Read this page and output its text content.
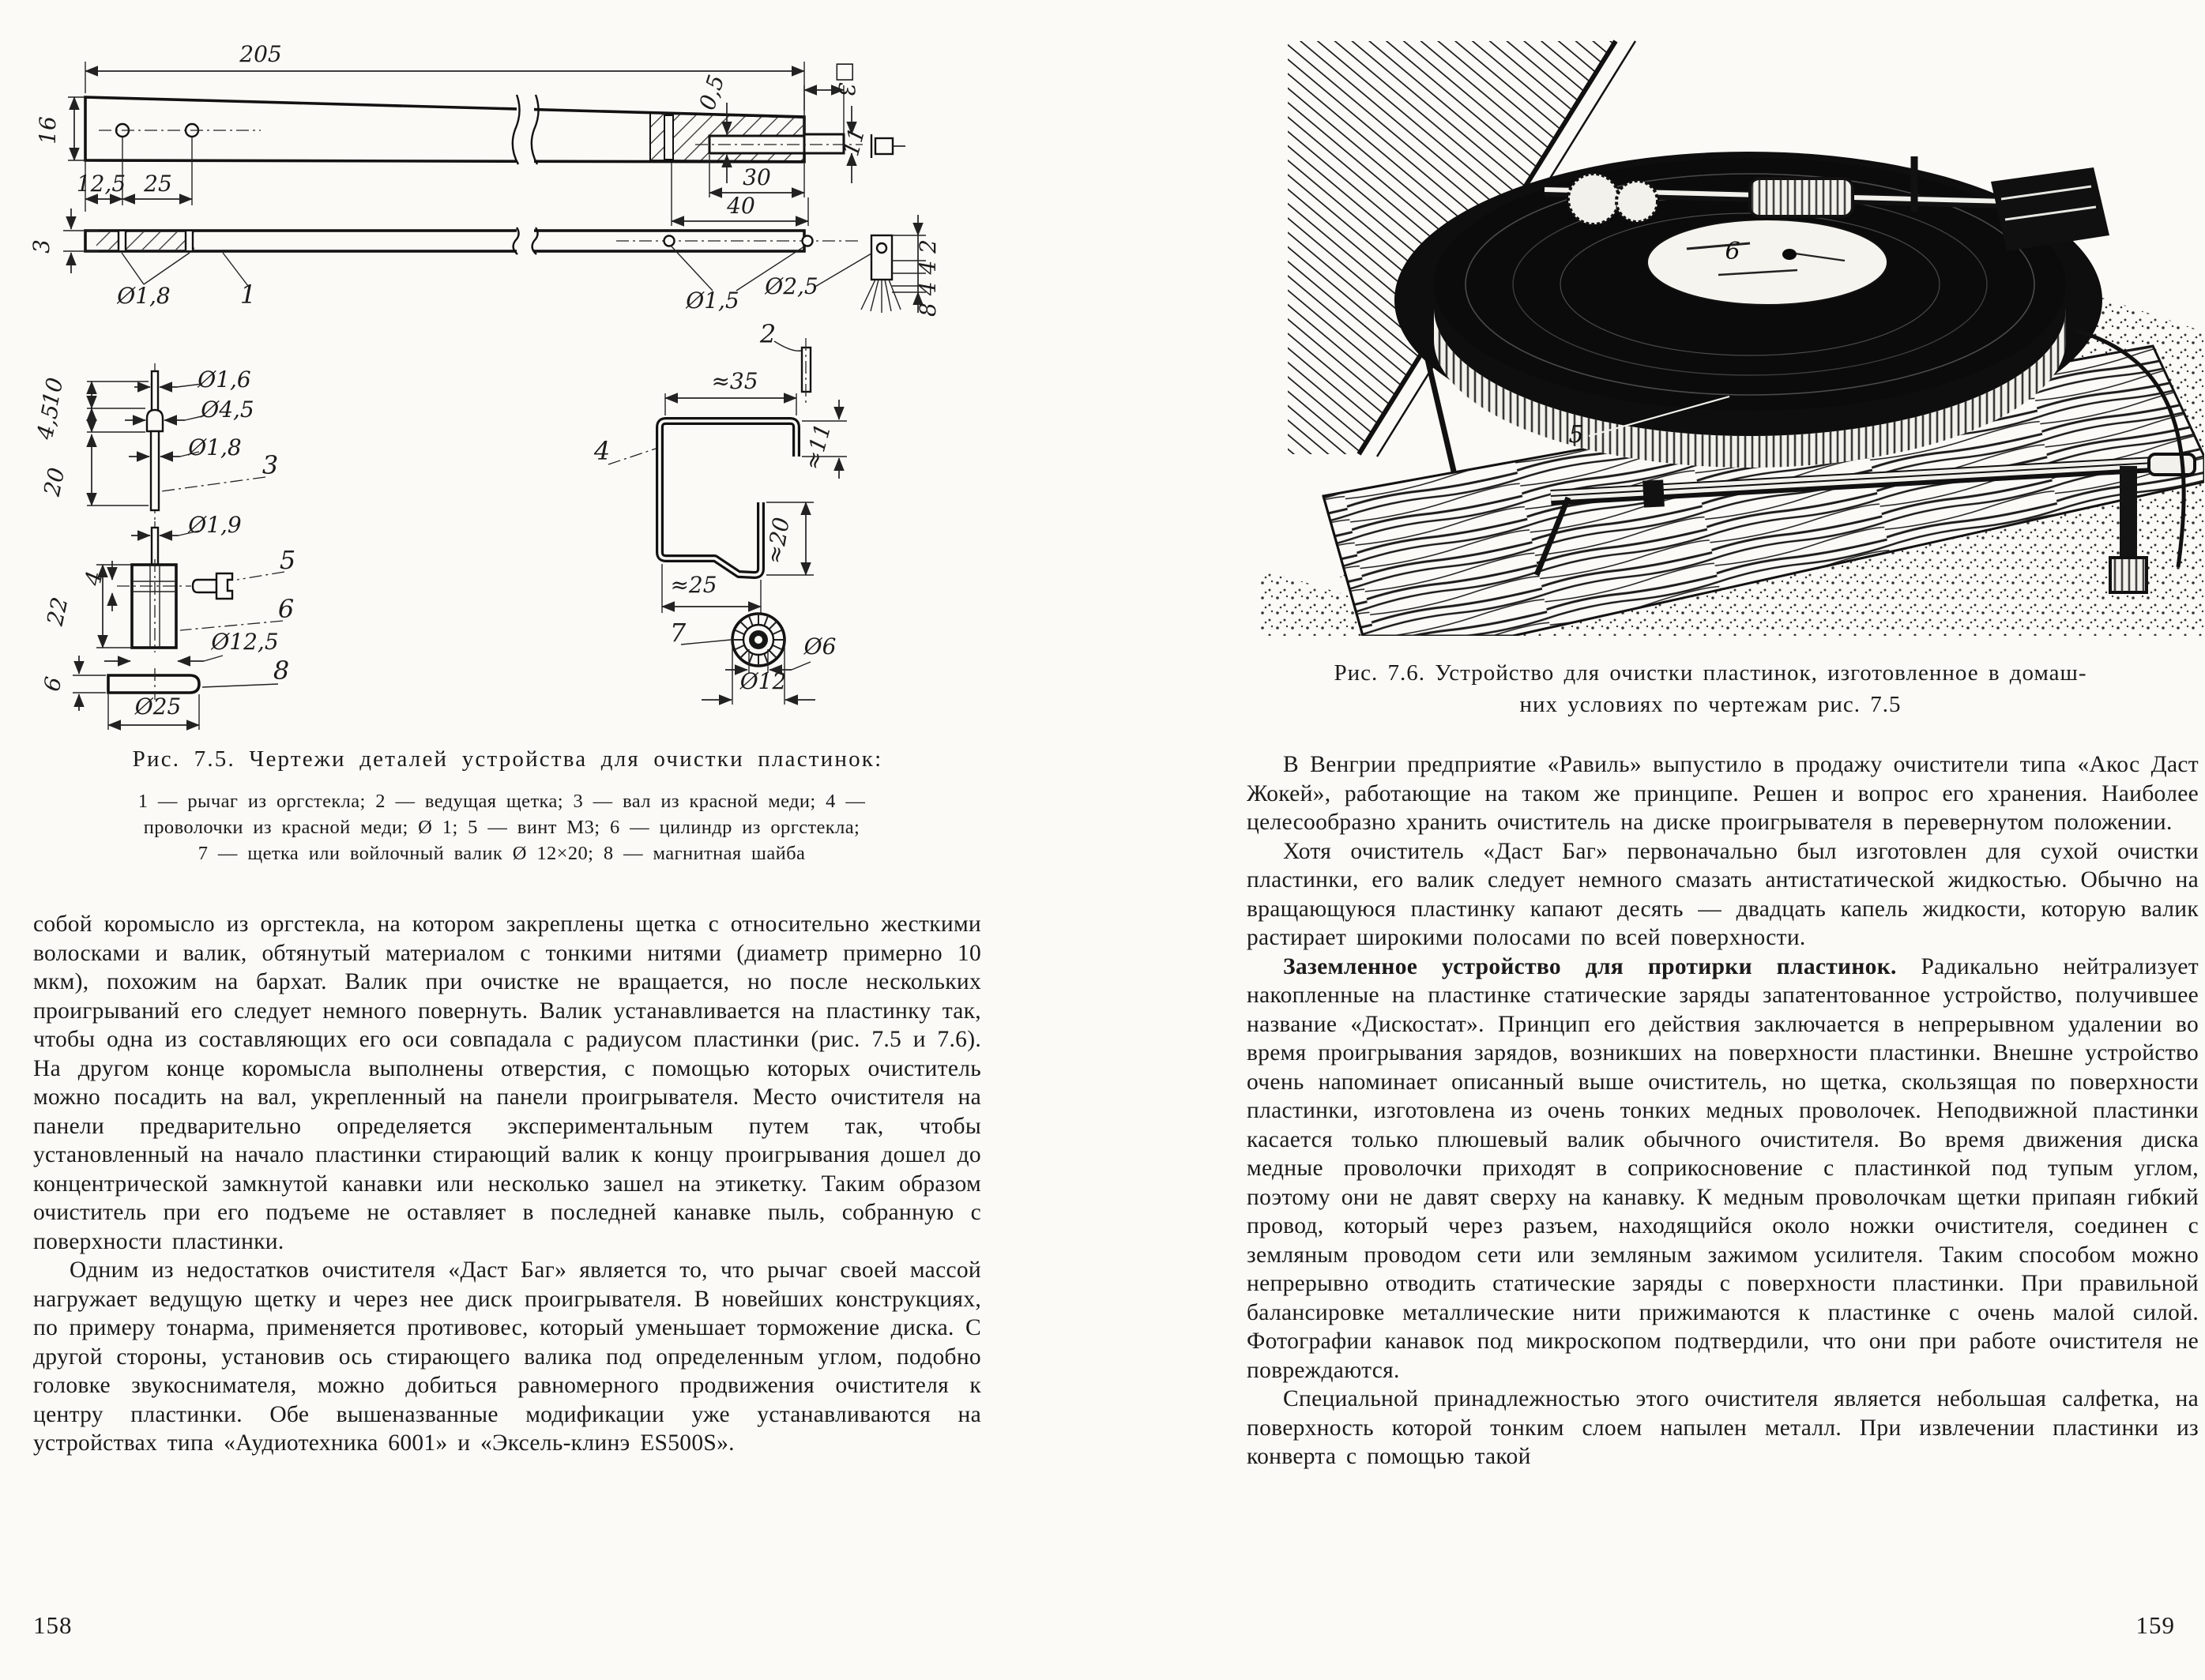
205
16
12,5 25
0,5	□3
11
30
40
3
Ø1,8	1	Ø1,5
Ø2,5
2
8 4 4 2
10
4,5
20
Ø1,6
Ø4,5
Ø1,8
3
Ø1,9
4
22
5
6
Ø12,5
8
6
Ø25
≈35
4	≈11
≈20
≈25
7	Ø6
Ø12
Рис. 7.5. Чертежи деталей устройства для очистки пластинок:
1 — рычаг из оргстекла; 2 — ведущая щетка; 3 — вал из красной меди; 4 —
проволочки из красной меди; Ø 1; 5 — винт М3; 6 — цилиндр из оргстекла;
7 — щетка или войлочный валик Ø 12×20; 8 — магнитная шайба

собой коромысло из оргстекла, на котором закреплены щетка с относительно жесткими волосками и валик, обтянутый материалом с тонкими нитями (диаметр примерно 10 мкм), похожим на бархат. Валик при очистке не вращается, но после нескольких проигрываний его следует немного повернуть. Валик устанавливается на пластинку так, чтобы одна из составляющих его оси совпадала с радиусом пластинки (рис. 7.5 и 7.6). На другом конце коромысла выполнены отверстия, с помощью которых очиститель можно посадить на вал, укрепленный на панели проигрывателя. Место очистителя на панели предварительно определяется экспериментальным путем так, чтобы установленный на начало пластинки стирающий валик к концу проигрывания дошел до концентрической замкнутой канавки или несколько зашел на этикетку. Таким образом очиститель при его подъеме не оставляет в последней канавке пыль, собранную с поверхности пластинки.

Одним из недостатков очистителя «Даст Баг» является то, что рычаг своей массой нагружает ведущую щетку и через нее диск проигрывателя. В новейших конструкциях, по примеру тонарма, применяется противовес, который уменьшает торможение диска. С другой стороны, установив ось стирающего валика под определенным углом, подобно головке звукоснимателя, можно добиться равномерного продвижения очистителя к центру пластинки. Обе вышеназванные модификации уже устанавливаются на устройствах типа «Аудиотехника 6001» и «Эксель-клинэ ES500S».

158
5
6
Рис. 7.6. Устройство для очистки пластинок, изготовленное в домаш-
них условиях по чертежам рис. 7.5

В Венгрии предприятие «Равиль» выпустило в продажу очистители типа «Акос Даст Жокей», работающие на таком же принципе. Решен и вопрос его хранения. Наиболее целесообразно хранить очиститель на диске проигрывателя в перевернутом положении.

Хотя очиститель «Даст Баг» первоначально был изготовлен для сухой очистки пластинки, его валик следует немного смазать антистатической жидкостью. Обычно на вращающуюся пластинку капают десять — двадцать капель жидкости, которую валик растирает широкими полосами по всей поверхности.

Заземленное устройство для протирки пластинок. Радикально нейтрализует накопленные на пластинке статические заряды запатентованное устройство, получившее название «Дискостат». Принцип его действия заключается в непрерывном удалении во время проигрывания зарядов, возникших на поверхности пластинки. Внешне устройство очень напоминает описанный выше очиститель, но щетка, скользящая по поверхности пластинки, изготовлена из очень тонких медных проволочек. Неподвижной пластинки касается только плюшевый валик обычного очистителя. Во время движения диска медные проволочки приходят в соприкосновение с пластинкой под тупым углом, поэтому они не давят сверху на канавку. К медным проволочкам щетки припаян гибкий провод, который через разъем, находящийся около ножки очистителя, соединен с земляным проводом сети или земляным зажимом усилителя. Таким способом можно непрерывно отводить статические заряды с поверхности пластинки. При правильной балансировке металлические нити прижимаются к пластинке с очень малой силой. Фотографии канавок под микроскопом подтвердили, что они при работе очистителя не повреждаются.

Специальной принадлежностью этого очистителя является небольшая салфетка, на поверхность которой тонким слоем напылен металл. При извлечении пластинки из конверта с помощью такой

159
